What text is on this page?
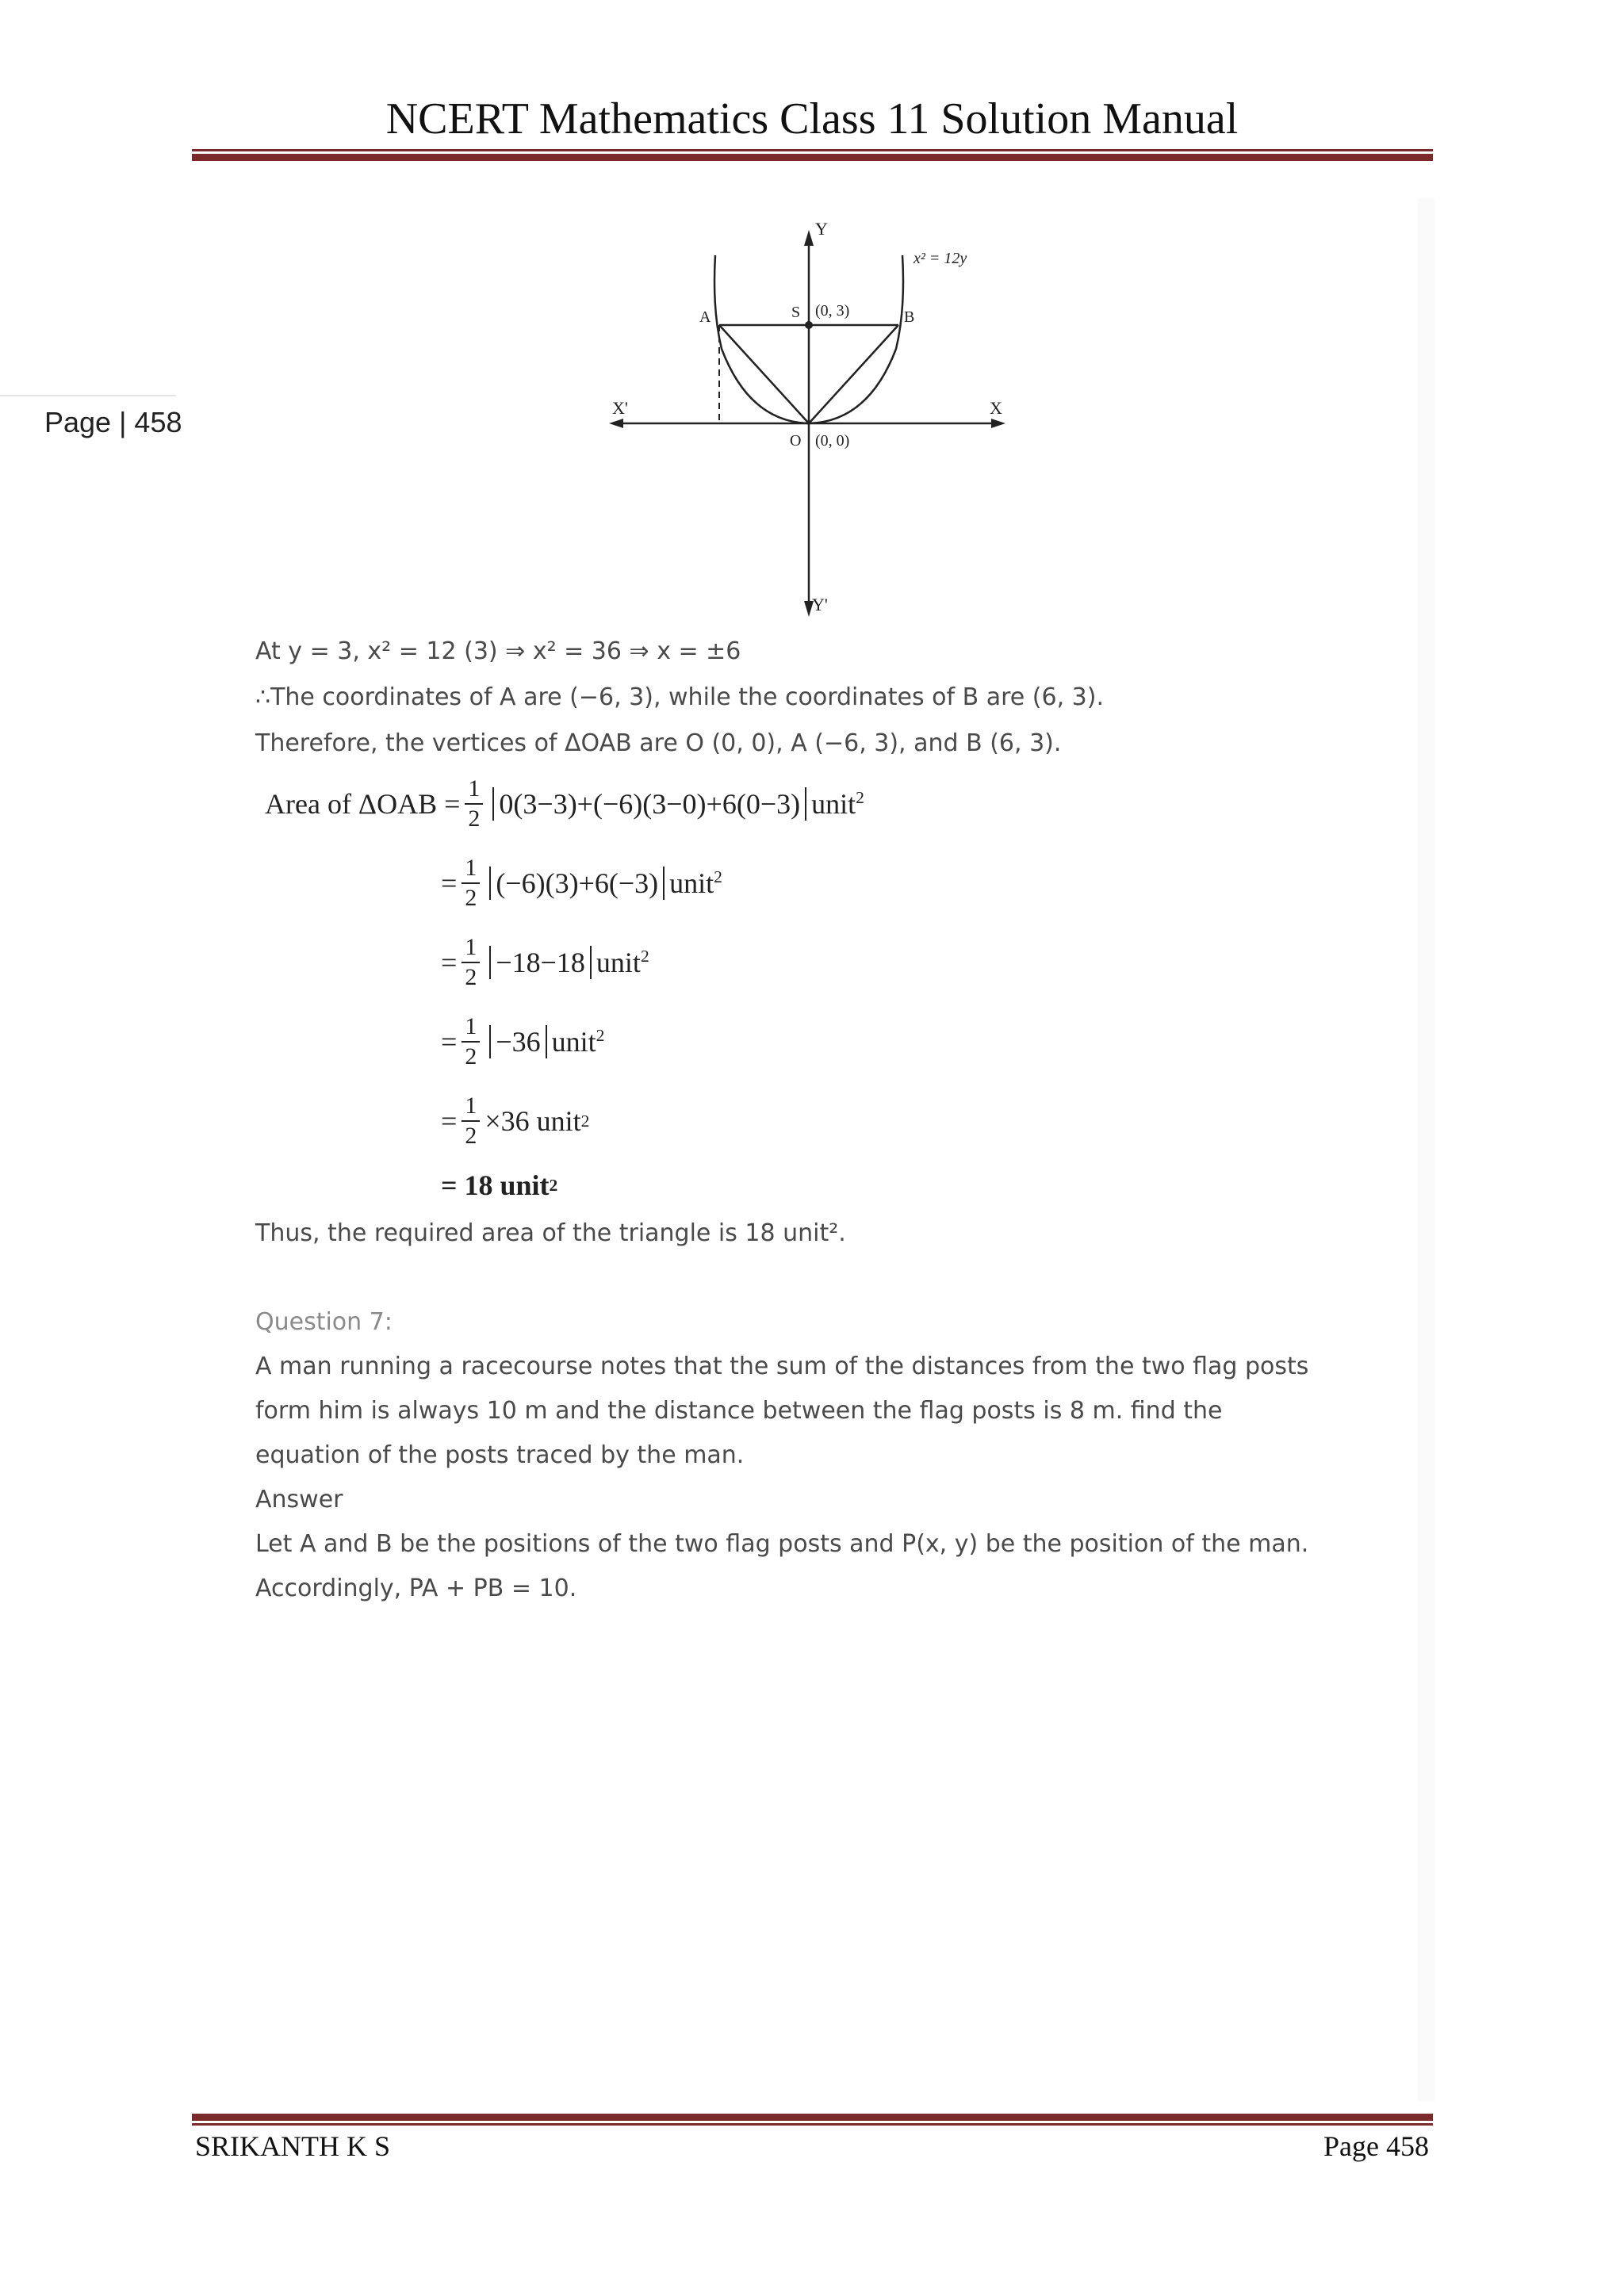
NCERT Mathematics Class 11 Solution Manual
Page | 458
Y
Y'
X
X'
A	B
S (0, 3)
O (0, 0)
x² = 12y
At y = 3, x² = 12 (3) ⇒ x² = 36 ⇒ x = ±6
∴The coordinates of A are (−6, 3), while the coordinates of B are (6, 3).
Therefore, the vertices of ΔOAB are O (0, 0), A (−6, 3), and B (6, 3).
Area of $\Delta OAB = \frac{1}{2} 0(3-3)+(-6)(3-0)+6(0-3)$ unit$^2$
= $\frac{1}{2} (-6)(3)+6(-3)$ unit$^2$
= $\frac{1}{2} -18-18$ unit$^2$
= $\frac{1}{2} -36$ unit$^2$
= $\frac{1}{2} \times 36$ unit 2
= 18 unit 2
Thus, the required area of the triangle is 18 unit².
Question 7:
A man running a racecourse notes that the sum of the distances from the two flag posts
form him is always 10 m and the distance between the flag posts is 8 m. find the
equation of the posts traced by the man.
Answer
Let A and B be the positions of the two flag posts and P(x, y) be the position of the man.
Accordingly, PA + PB = 10.
SRIKANTH K S	Page 458
